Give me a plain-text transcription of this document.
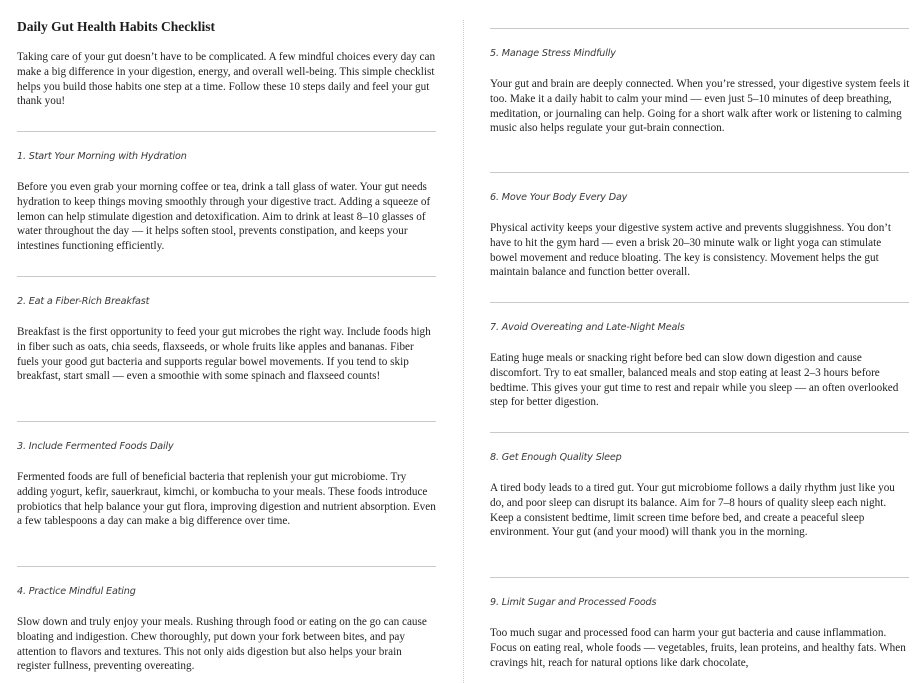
Daily Gut Health Habits Checklist

Taking care of your gut doesn’t have to be complicated. A few mindful choices every day can make a big difference in your digestion, energy, and overall well-being. This simple checklist helps you build those habits one step at a time. Follow these 10 steps daily and feel your gut thank you!

1. Start Your Morning with Hydration

Before you even grab your morning coffee or tea, drink a tall glass of water. Your gut needs hydration to keep things moving smoothly through your digestive tract. Adding a squeeze of lemon can help stimulate digestion and detoxification. Aim to drink at least 8–10 glasses of water throughout the day — it helps soften stool, prevents constipation, and keeps your intestines functioning efficiently.

2. Eat a Fiber-Rich Breakfast

Breakfast is the first opportunity to feed your gut microbes the right way. Include foods high in fiber such as oats, chia seeds, flaxseeds, or whole fruits like apples and bananas. Fiber fuels your good gut bacteria and supports regular bowel movements. If you tend to skip breakfast, start small — even a smoothie with some spinach and flaxseed counts!

3. Include Fermented Foods Daily

Fermented foods are full of beneficial bacteria that replenish your gut microbiome. Try adding yogurt, kefir, sauerkraut, kimchi, or kombucha to your meals. These foods introduce probiotics that help balance your gut flora, improving digestion and nutrient absorption. Even a few tablespoons a day can make a big difference over time.

4. Practice Mindful Eating

Slow down and truly enjoy your meals. Rushing through food or eating on the go can cause bloating and indigestion. Chew thoroughly, put down your fork between bites, and pay attention to flavors and textures. This not only aids digestion but also helps your brain register fullness, preventing overeating.

5. Manage Stress Mindfully

Your gut and brain are deeply connected. When you’re stressed, your digestive system feels it too. Make it a daily habit to calm your mind — even just 5–10 minutes of deep breathing, meditation, or journaling can help. Going for a short walk after work or listening to calming music also helps regulate your gut-brain connection.

6. Move Your Body Every Day

Physical activity keeps your digestive system active and prevents sluggishness. You don’t have to hit the gym hard — even a brisk 20–30 minute walk or light yoga can stimulate bowel movement and reduce bloating. The key is consistency. Movement helps the gut maintain balance and function better overall.

7. Avoid Overeating and Late-Night Meals

Eating huge meals or snacking right before bed can slow down digestion and cause discomfort. Try to eat smaller, balanced meals and stop eating at least 2–3 hours before bedtime. This gives your gut time to rest and repair while you sleep — an often overlooked step for better digestion.

8. Get Enough Quality Sleep

A tired body leads to a tired gut. Your gut microbiome follows a daily rhythm just like you do, and poor sleep can disrupt its balance. Aim for 7–8 hours of quality sleep each night. Keep a consistent bedtime, limit screen time before bed, and create a peaceful sleep environment. Your gut (and your mood) will thank you in the morning.

9. Limit Sugar and Processed Foods

Too much sugar and processed food can harm your gut bacteria and cause inflammation. Focus on eating real, whole foods — vegetables, fruits, lean proteins, and healthy fats. When cravings hit, reach for natural options like dark chocolate,
